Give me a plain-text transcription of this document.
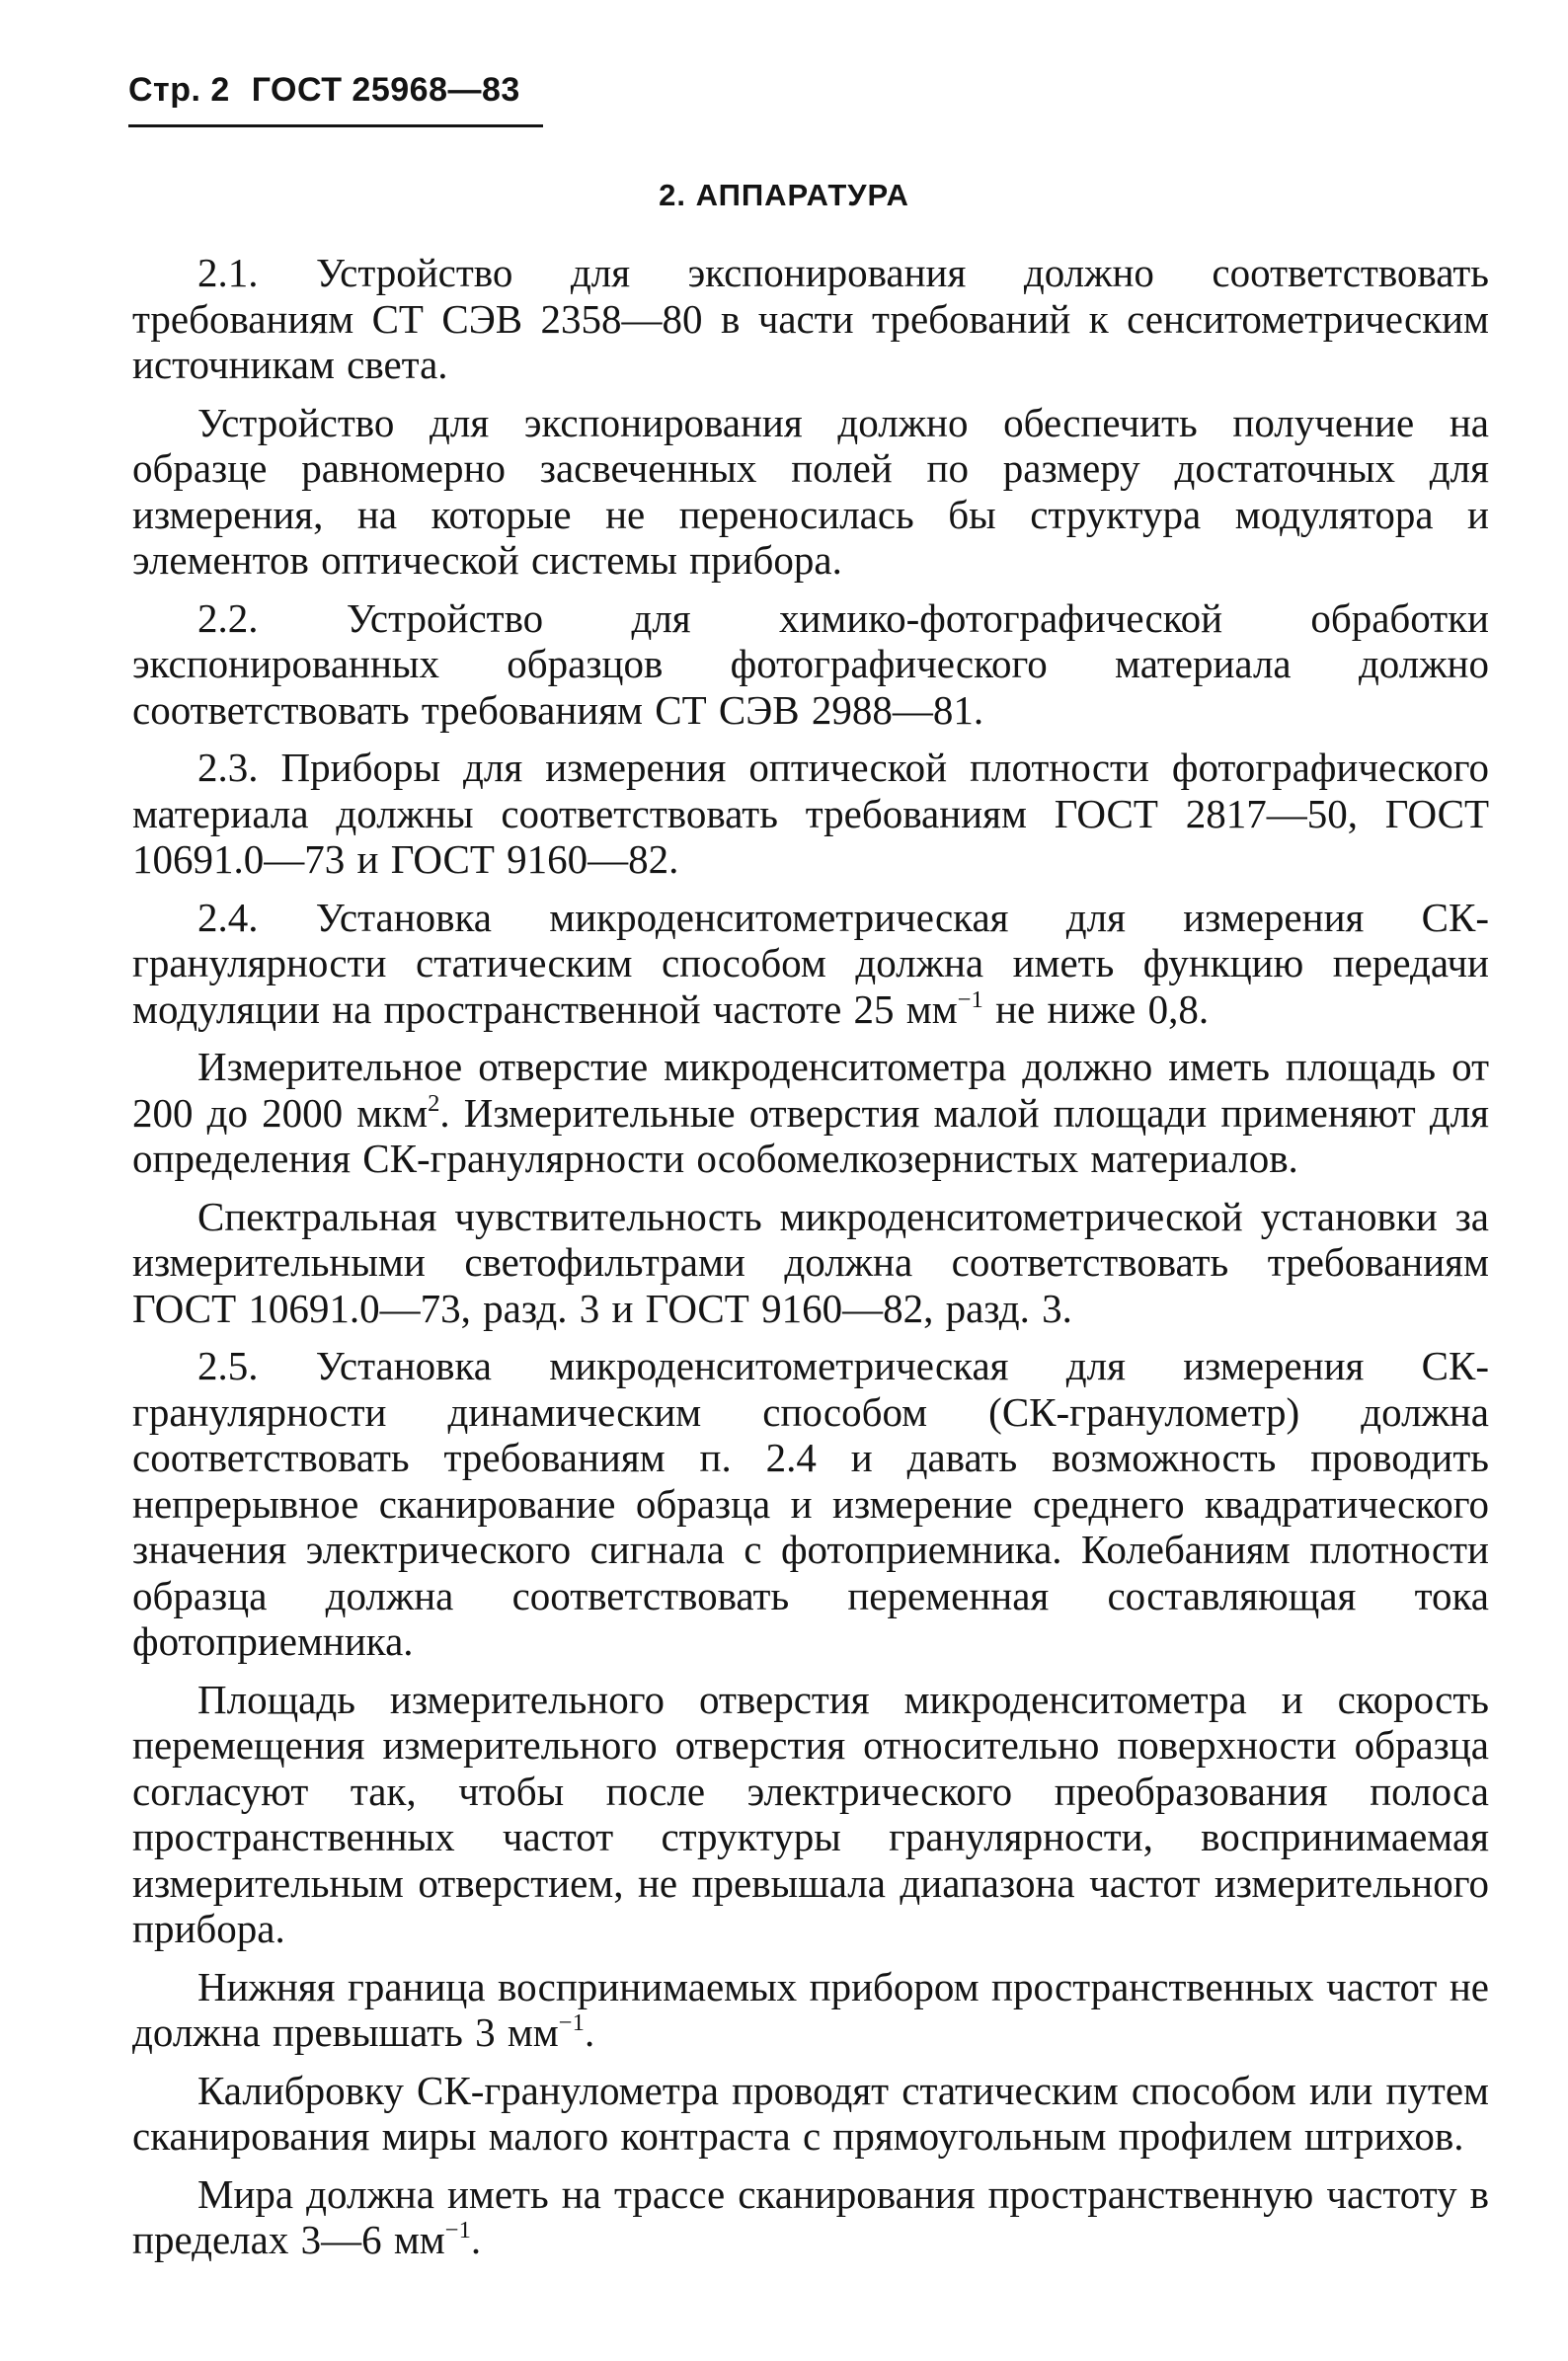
Стр. 2 ГОСТ 25968—83
2. АППАРАТУРА

2.1. Устройство для экспонирования должно соответствовать требованиям СТ СЭВ 2358—80 в части требований к сенситометрическим источникам света.

Устройство для экспонирования должно обеспечить получение на образце равномерно засвеченных полей по размеру достаточных для измерения, на которые не переносилась бы структура модулятора и элементов оптической системы прибора.

2.2. Устройство для химико-фотографической обработки экспонированных образцов фотографического материала должно соответствовать требованиям СТ СЭВ 2988—81.

2.3. Приборы для измерения оптической плотности фотографического материала должны соответствовать требованиям ГОСТ 2817—50, ГОСТ 10691.0—73 и ГОСТ 9160—82.

2.4. Установка микроденситометрическая для измерения СК-гранулярности статическим способом должна иметь функцию передачи модуляции на пространственной частоте 25 $мм^{-1}$ не ниже 0,8.

Измерительное отверстие микроденситометра должно иметь площадь от 200 до 2000 мкм$^2$. Измерительные отверстия малой площади применяют для определения СК-гранулярности особомелкозернистых материалов.

Спектральная чувствительность микроденситометрической установки за измерительными светофильтрами должна соответствовать требованиям ГОСТ 10691.0—73, разд. 3 и ГОСТ 9160—82, разд. 3.

2.5. Установка микроденситометрическая для измерения СК-гранулярности динамическим способом (СК-гранулометр) должна соответствовать требованиям п. 2.4 и давать возможность проводить непрерывное сканирование образца и измерение среднего квадратического значения электрического сигнала с фотоприемника. Колебаниям плотности образца должна соответствовать переменная составляющая тока фотоприемника.

Площадь измерительного отверстия микроденситометра и скорость перемещения измерительного отверстия относительно поверхности образца согласуют так, чтобы после электрического преобразования полоса пространственных частот структуры гранулярности, воспринимаемая измерительным отверстием, не превышала диапазона частот измерительного прибора.

Нижняя граница воспринимаемых прибором пространственных частот не должна превышать 3 $мм^{-1}$.

Калибровку СК-гранулометра проводят статическим способом или путем сканирования миры малого контраста с прямоугольным профилем штрихов.

Мира должна иметь на трассе сканирования пространственную частоту в пределах 3—6 $мм^{-1}$.
